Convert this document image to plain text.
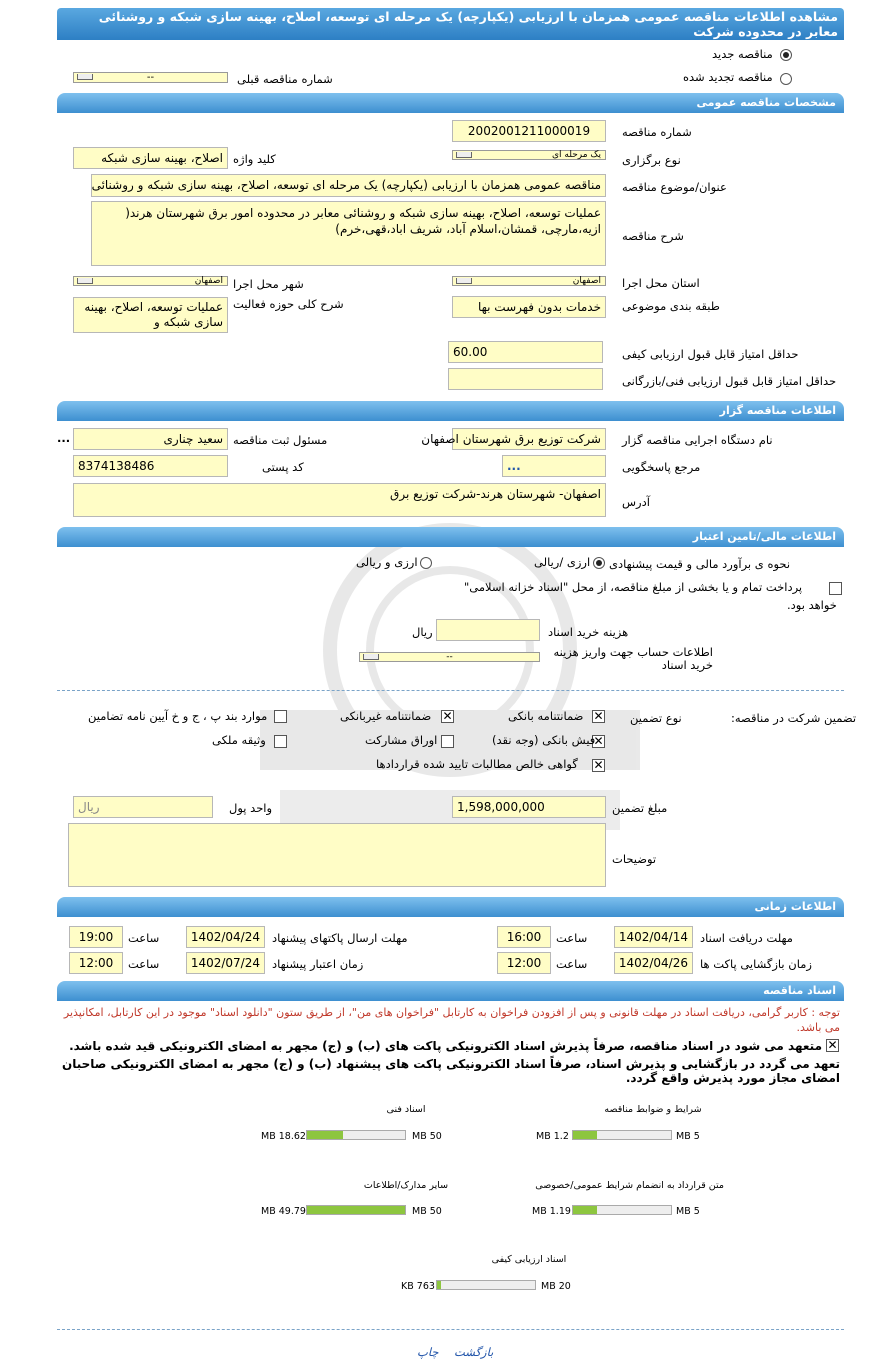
مشاهده اطلاعات مناقصه عمومی همزمان با ارزیابی (یکپارچه) یک مرحله ای توسعه، اصلاح، بهینه سازی شبکه و روشنائی معابر در محدوده شرکت
مناقصه جدید
مناقصه تجدید شده
شماره مناقصه قبلی
--
مشخصات مناقصه عمومی
شماره مناقصه
2002001211000019
نوع برگزاری
یک مرحله ای
کلید واژه
اصلاح، بهینه سازی شبکه
عنوان/موضوع مناقصه
مناقصه عمومی همزمان با ارزیابی (یکپارچه) یک مرحله ای توسعه، اصلاح، بهینه سازی شبکه و روشنائی
شرح مناقصه
عملیات توسعه، اصلاح، بهینه سازی شبکه و روشنائی معابر در محدوده امور برق شهرستان هرند( ازیه،مارچی، قمشان،اسلام آباد، شریف اباد،قهی،خرم)
استان محل اجرا
اصفهان
شهر محل اجرا
اصفهان
طبقه بندی موضوعی
خدمات بدون فهرست بها
شرح کلی حوزه فعالیت
عملیات توسعه، اصلاح، بهینه سازی شبکه و
حداقل امتیاز قابل قبول ارزیابی کیفی
60.00
حداقل امتیاز قابل قبول ارزیابی فنی/بازرگانی
اطلاعات مناقصه گزار
نام دستگاه اجرایی مناقصه گزار
شرکت توزیع برق شهرستان اصفهان
مسئول ثبت مناقصه
سعید چناری
...
مرجع پاسخگویی
...
کد پستی
8374138486
آدرس
اصفهان- شهرستان هرند-شرکت توزیع برق
اطلاعات مالی/تامین اعتبار
نحوه ی برآورد مالی و قیمت پیشنهادی
ارزی /ریالی
ارزی و ریالی
پرداخت تمام و یا بخشی از مبلغ مناقصه، از محل "اسناد خزانه اسلامی"
خواهد بود.
هزینه خرید اسناد
ریال
اطلاعات حساب جهت واریز هزینه خرید اسناد
--
تضمین شرکت در مناقصه:
نوع تضمین
✕
ضمانتنامه بانکی
✕
ضمانتنامه غیربانکی
موارد بند پ ، ج و خ آیین نامه تضامین
✕
فیش بانکی (وجه نقد)
اوراق مشارکت
وثیقه ملکی
✕
گواهی خالص مطالبات تایید شده قراردادها
مبلغ تضمین
1,598,000,000
واحد پول
ریال
توضیحات
اطلاعات زمانی
مهلت دریافت اسناد
1402/04/14
ساعت
16:00
مهلت ارسال پاکتهای پیشنهاد
1402/04/24
ساعت
19:00
زمان بازگشایی پاکت ها
1402/04/26
ساعت
12:00
زمان اعتبار پیشنهاد
1402/07/24
ساعت
12:00
اسناد مناقصه
توجه : کاربر گرامی، دریافت اسناد در مهلت قانونی و پس از افزودن فراخوان به کارتابل "فراخوان های من"، از طریق ستون "دانلود اسناد" موجود در این کارتابل، امکانپذیر می باشد.
✕
متعهد می شود در اسناد مناقصه، صرفاً پذیرش اسناد الکترونیکی پاکت های (ب) و (ج) مجهر به امضای الکترونیکی قید شده باشد.
تعهد می گردد در بازگشایی و پذیرش اسناد، صرفاً اسناد الکترونیکی پاکت های پیشنهاد (ب) و (ج) مجهر به امضای الکترونیکی صاحبان امضای مجاز مورد پذیرش واقع گردد.
شرایط و ضوابط مناقصه
5 MB
1.2 MB
اسناد فنی
50 MB
18.62 MB
متن قرارداد به انضمام شرایط عمومی/خصوصی
5 MB
1.19 MB
سایر مدارک/اطلاعات
50 MB
49.79 MB
اسناد ارزیابی کیفی
20 MB
763 KB
بازگشت
چاپ
